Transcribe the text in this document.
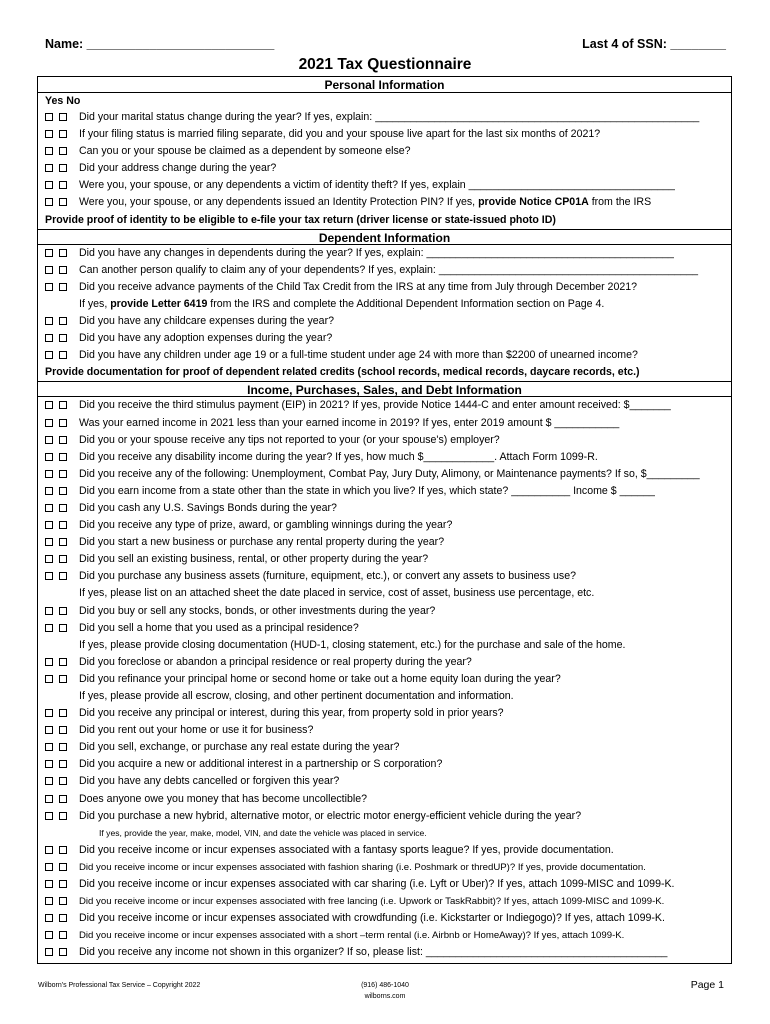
Name: ___________________________	Last 4 of SSN: ________
2021 Tax Questionnaire
Personal Information
Yes No
Did your marital status change during the year? If yes, explain: _______________________________________________________
If your filing status is married filing separate, did you and your spouse live apart for the last six months of 2021?
Can you or your spouse be claimed as a dependent by someone else?
Did your address change during the year?
Were you, your spouse, or any dependents a victim of identity theft? If yes, explain ___________________________________
Were you, your spouse, or any dependents issued an Identity Protection PIN? If yes, provide Notice CP01A from the IRS
Provide proof of identity to be eligible to e-file your tax return (driver license or state-issued photo ID)
Dependent Information
Did you have any changes in dependents during the year? If yes, explain: __________________________________________
Can another person qualify to claim any of your dependents? If yes, explain: ____________________________________________
Did you receive advance payments of the Child Tax Credit from the IRS at any time from July through December 2021?
If yes, provide Letter 6419 from the IRS and complete the Additional Dependent Information section on Page 4.
Did you have any childcare expenses during the year?
Did you have any adoption expenses during the year?
Did you have any children under age 19 or a full-time student under age 24 with more than $2200 of unearned income?
Provide documentation for proof of dependent related credits (school records, medical records, daycare records, etc.)
Income, Purchases, Sales, and Debt Information
Did you receive the third stimulus payment (EIP) in 2021? If yes, provide Notice 1444-C and enter amount received: $_______
Was your earned income in 2021 less than your earned income in 2019? If yes, enter 2019 amount $ ___________
Did you or your spouse receive any tips not reported to your (or your spouse's) employer?
Did you receive any disability income during the year? If yes, how much $____________. Attach Form 1099-R.
Did you receive any of the following: Unemployment, Combat Pay, Jury Duty, Alimony, or Maintenance payments? If so, $_________
Did you earn income from a state other than the state in which you live? If yes, which state? __________ Income $ ______
Did you cash any U.S. Savings Bonds during the year?
Did you receive any type of prize, award, or gambling winnings during the year?
Did you start a new business or purchase any rental property during the year?
Did you sell an existing business, rental, or other property during the year?
Did you purchase any business assets (furniture, equipment, etc.), or convert any assets to business use?
If yes, please list on an attached sheet the date placed in service, cost of asset, business use percentage, etc.
Did you buy or sell any stocks, bonds, or other investments during the year?
Did you sell a home that you used as a principal residence?
If yes, please provide closing documentation (HUD-1, closing statement, etc.) for the purchase and sale of the home.
Did you foreclose or abandon a principal residence or real property during the year?
Did you refinance your principal home or second home or take out a home equity loan during the year?
If yes, please provide all escrow, closing, and other pertinent documentation and information.
Did you receive any principal or interest, during this year, from property sold in prior years?
Did you rent out your home or use it for business?
Did you sell, exchange, or purchase any real estate during the year?
Did you acquire a new or additional interest in a partnership or S corporation?
Did you have any debts cancelled or forgiven this year?
Does anyone owe you money that has become uncollectible?
Did you purchase a new hybrid, alternative motor, or electric motor energy-efficient vehicle during the year?
If yes, provide the year, make, model, VIN, and date the vehicle was placed in service.
Did you receive income or incur expenses associated with a fantasy sports league? If yes, provide documentation.
Did you receive income or incur expenses associated with fashion sharing (i.e. Poshmark or thredUP)? If yes, provide documentation.
Did you receive income or incur expenses associated with car sharing (i.e. Lyft or Uber)? If yes, attach 1099-MISC and 1099-K.
Did you receive income or incur expenses associated with free lancing (i.e. Upwork or TaskRabbit)? If yes, attach 1099-MISC and 1099-K.
Did you receive income or incur expenses associated with crowdfunding (i.e. Kickstarter or Indiegogo)? If yes, attach 1099-K.
Did you receive income or incur expenses associated with a short –term rental (i.e. Airbnb or HomeAway)? If yes, attach 1099-K.
Did you receive any income not shown in this organizer? If so, please list: _________________________________________
Wilborn's Professional Tax Service – Copyright 2022	(916) 486-1040
wilborns.com
Page 1
